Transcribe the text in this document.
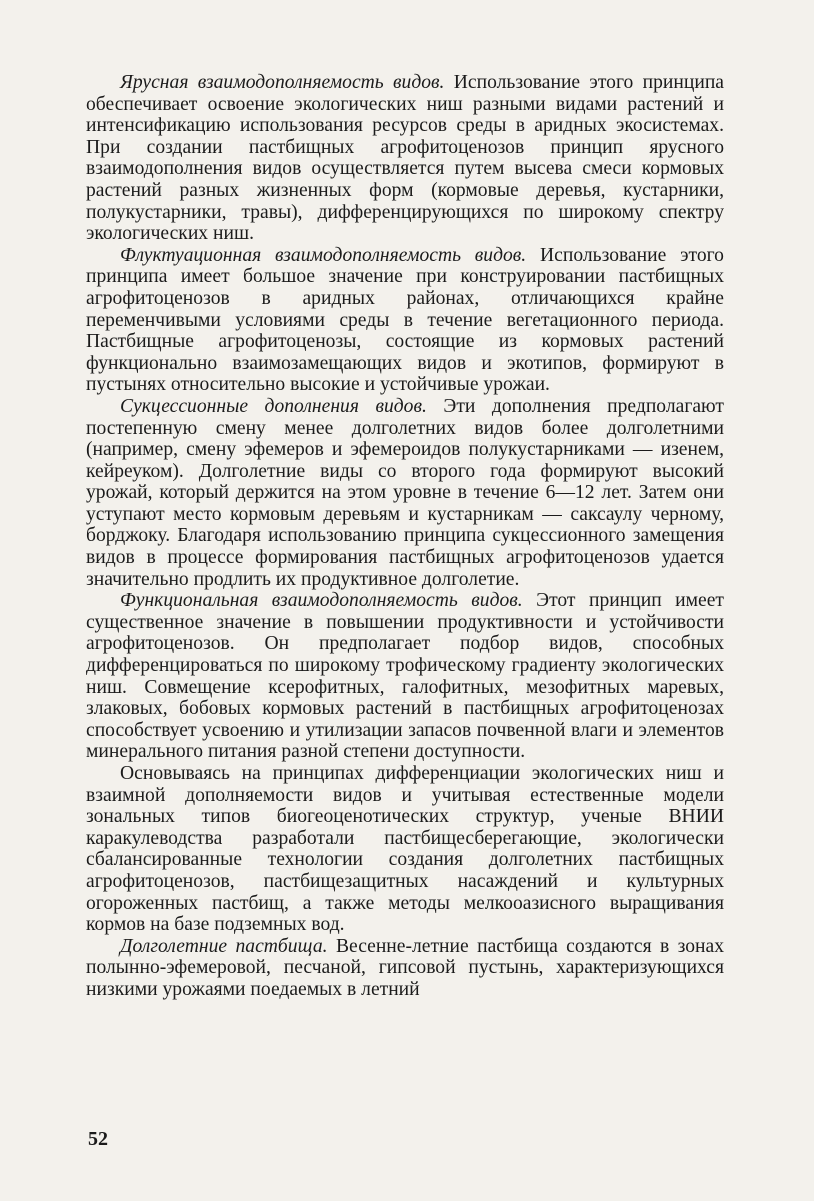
Ярусная взаимодополняемость видов. Использование этого принципа обеспечивает освоение экологических ниш разными видами растений и интенсификацию использования ресурсов среды в аридных экосистемах. При создании пастбищных агрофитоценозов принцип ярусного взаимодополнения видов осуществляется путем высева смеси кормовых растений разных жизненных форм (кормовые деревья, кустарники, полукустарники, травы), дифференцирующихся по широкому спектру экологических ниш.

Флуктуационная взаимодополняемость видов. Использование этого принципа имеет большое значение при конструировании пастбищных агрофитоценозов в аридных районах, отличающихся крайне переменчивыми условиями среды в течение вегетационного периода. Пастбищные агрофитоценозы, состоящие из кормовых растений функционально взаимозамещающих видов и экотипов, формируют в пустынях относительно высокие и устойчивые урожаи.

Сукцессионные дополнения видов. Эти дополнения предполагают постепенную смену менее долголетних видов более долголетними (например, смену эфемеров и эфемероидов полукустарниками — изенем, кейреуком). Долголетние виды со второго года формируют высокий урожай, который держится на этом уровне в течение 6—12 лет. Затем они уступают место кормовым деревьям и кустарникам — саксаулу черному, борджоку. Благодаря использованию принципа сукцессионного замещения видов в процессе формирования пастбищных агрофитоценозов удается значительно продлить их продуктивное долголетие.

Функциональная взаимодополняемость видов. Этот принцип имеет существенное значение в повышении продуктивности и устойчивости агрофитоценозов. Он предполагает подбор видов, способных дифференцироваться по широкому трофическому градиенту экологических ниш. Совмещение ксерофитных, галофитных, мезофитных маревых, злаковых, бобовых кормовых растений в пастбищных агрофитоценозах способствует усвоению и утилизации запасов почвенной влаги и элементов минерального питания разной степени доступности.

Основываясь на принципах дифференциации экологических ниш и взаимной дополняемости видов и учитывая естественные модели зональных типов биогеоценотических структур, ученые ВНИИ каракулеводства разработали пастбищесберегающие, экологически сбалансированные технологии создания долголетних пастбищных агрофитоценозов, пастбищезащитных насаждений и культурных огороженных пастбищ, а также методы мелкооазисного выращивания кормов на базе подземных вод.

Долголетние пастбища. Весенне-летние пастбища создаются в зонах полынно-эфемеровой, песчаной, гипсовой пустынь, характеризующихся низкими урожаями поедаемых в летний

52
